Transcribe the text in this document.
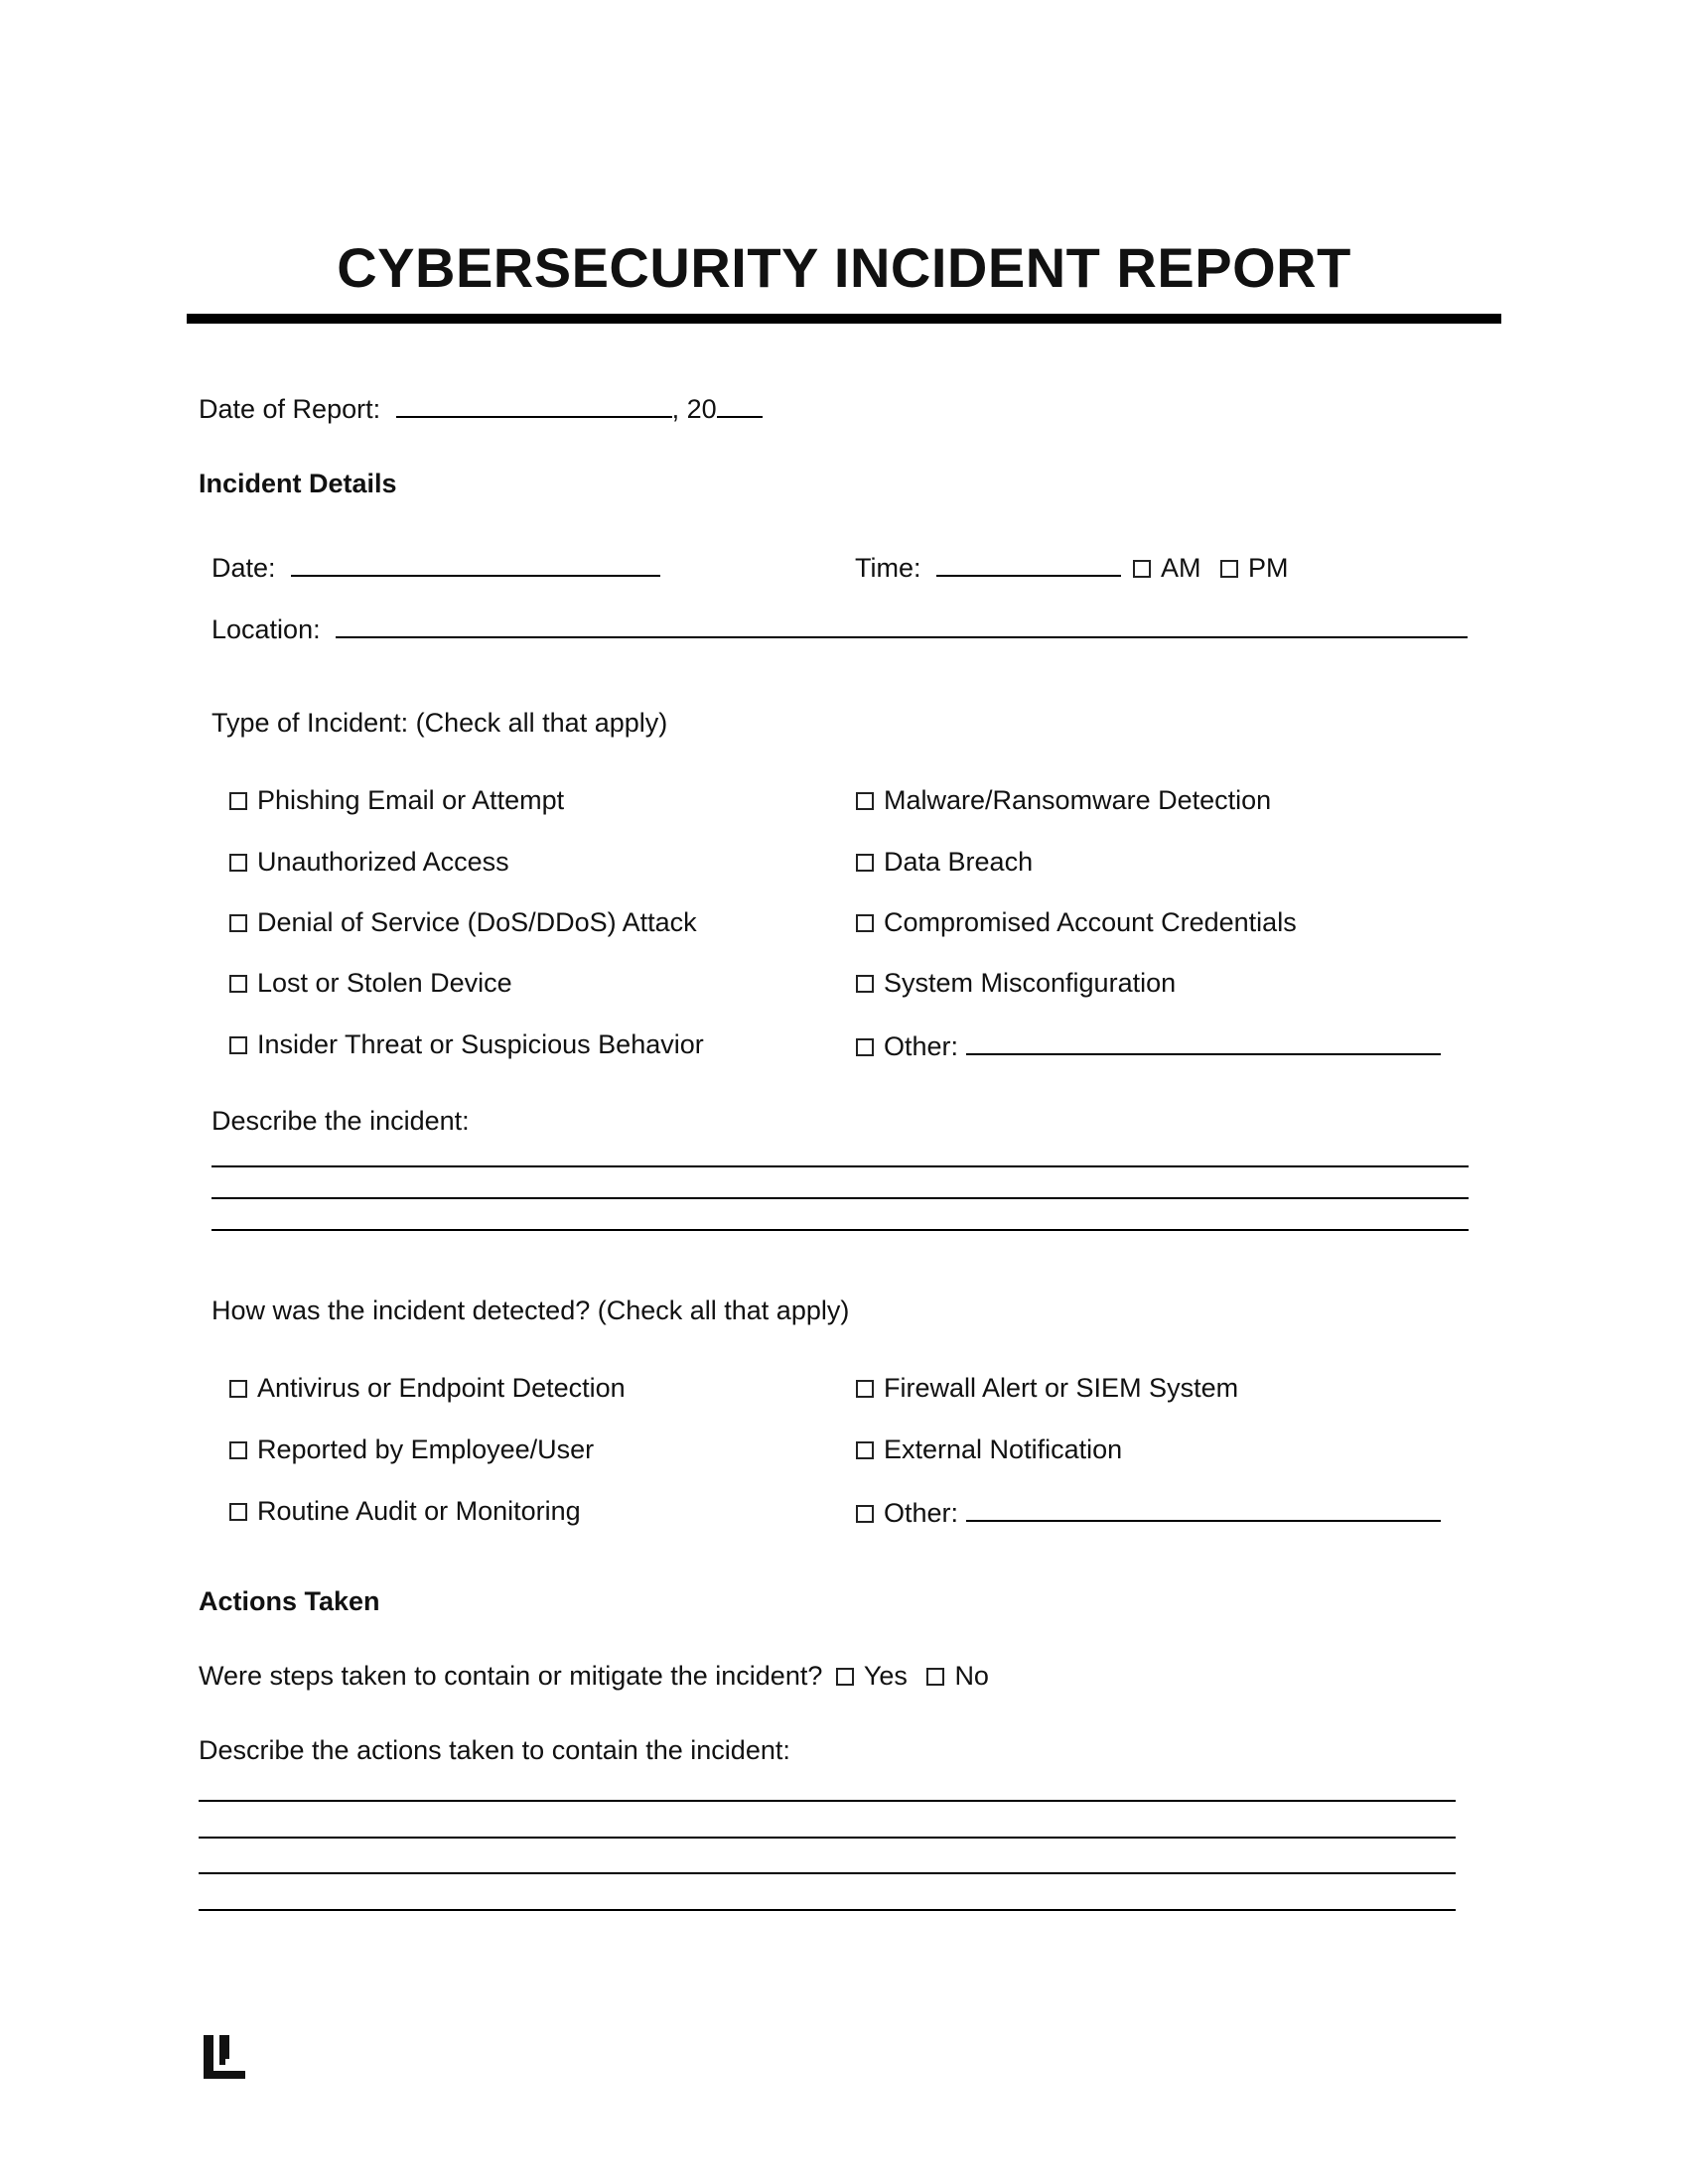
CYBERSECURITY INCIDENT REPORT
Date of Report:	, 20
Incident Details
Date:	Time:	AM PM
Location:
Type of Incident: (Check all that apply)
Phishing Email or Attempt
Unauthorized Access
Denial of Service (DoS/DDoS) Attack
Lost or Stolen Device
Insider Threat or Suspicious Behavior
Malware/Ransomware Detection
Data Breach
Compromised Account Credentials
System Misconfiguration
Other:
Describe the incident:
How was the incident detected? (Check all that apply)
Antivirus or Endpoint Detection
Reported by Employee/User
Routine Audit or Monitoring
Firewall Alert or SIEM System
External Notification
Other:
Actions Taken
Were steps taken to contain or mitigate the incident? Yes No
Describe the actions taken to contain the incident:
